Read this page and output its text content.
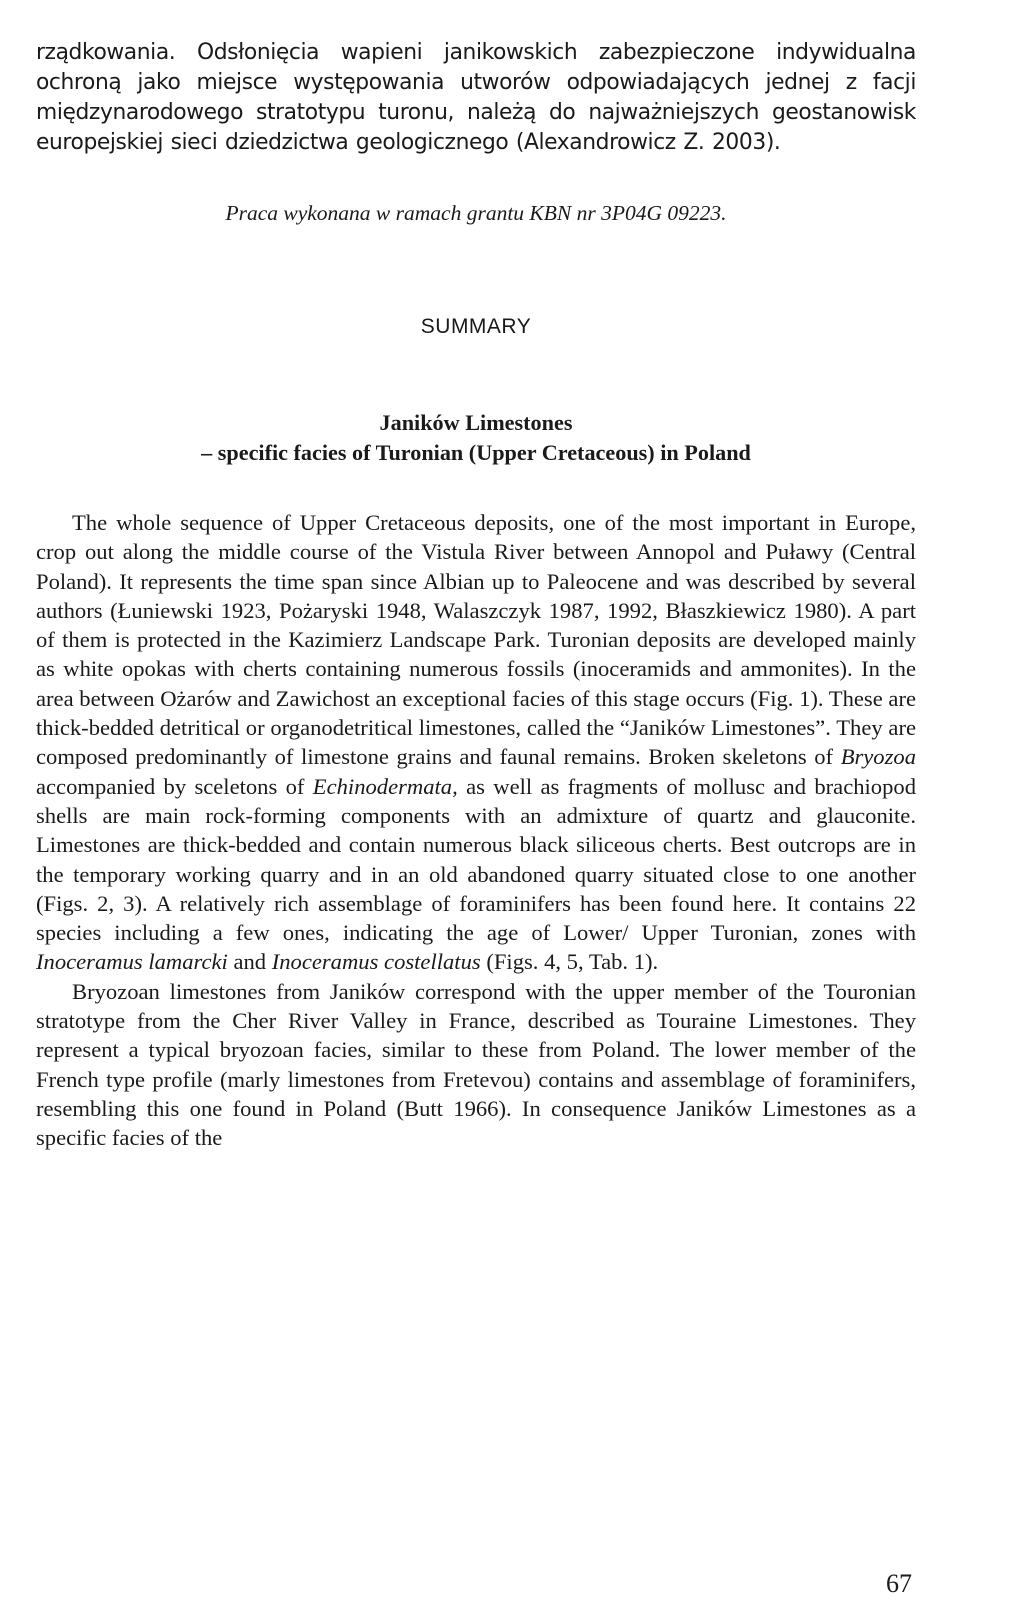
rządkowania. Odsłonięcia wapieni janikowskich zabezpieczone indywidualna ochroną jako miejsce występowania utworów odpowiadających jednej z facji międzynarodowego stratotypu turonu, należą do najważniejszych geostanowisk europejskiej sieci dziedzictwa geologicznego (Alexandrowicz Z. 2003).

Praca wykonana w ramach grantu KBN nr 3P04G 09223.

SUMMARY
Janików Limestones
– specific facies of Turonian (Upper Cretaceous) in Poland

The whole sequence of Upper Cretaceous deposits, one of the most important in Europe, crop out along the middle course of the Vistula River between Annopol and Puławy (Central Poland). It represents the time span since Albian up to Paleocene and was described by several authors (Łuniewski 1923, Pożaryski 1948, Walaszczyk 1987, 1992, Błaszkiewicz 1980). A part of them is protected in the Kazimierz Landscape Park. Turonian deposits are developed mainly as white opokas with cherts containing numerous fossils (inoceramids and ammonites). In the area between Ożarów and Zawichost an exceptional facies of this stage occurs (Fig. 1). These are thick-bedded detritical or organodetritical limestones, called the “Janików Limestones”. They are composed predominantly of limestone grains and faunal remains. Broken skeletons of Bryozoa accompanied by sceletons of Echinodermata, as well as fragments of mollusc and brachiopod shells are main rock-forming components with an admixture of quartz and glauconite. Limestones are thick-bedded and contain numerous black siliceous cherts. Best outcrops are in the temporary working quarry and in an old abandoned quarry situated close to one another (Figs. 2, 3). A relatively rich assemblage of foraminifers has been found here. It contains 22 species including a few ones, indicating the age of Lower/ Upper Turonian, zones with Inoceramus lamarcki and Inoceramus costellatus (Figs. 4, 5, Tab. 1).

Bryozoan limestones from Janików correspond with the upper member of the Touronian stratotype from the Cher River Valley in France, described as Touraine Limestones. They represent a typical bryozoan facies, similar to these from Poland. The lower member of the French type profile (marly limestones from Fretevou) contains and assemblage of foraminifers, resembling this one found in Poland (Butt 1966). In consequence Janików Limestones as a specific facies of the

67
